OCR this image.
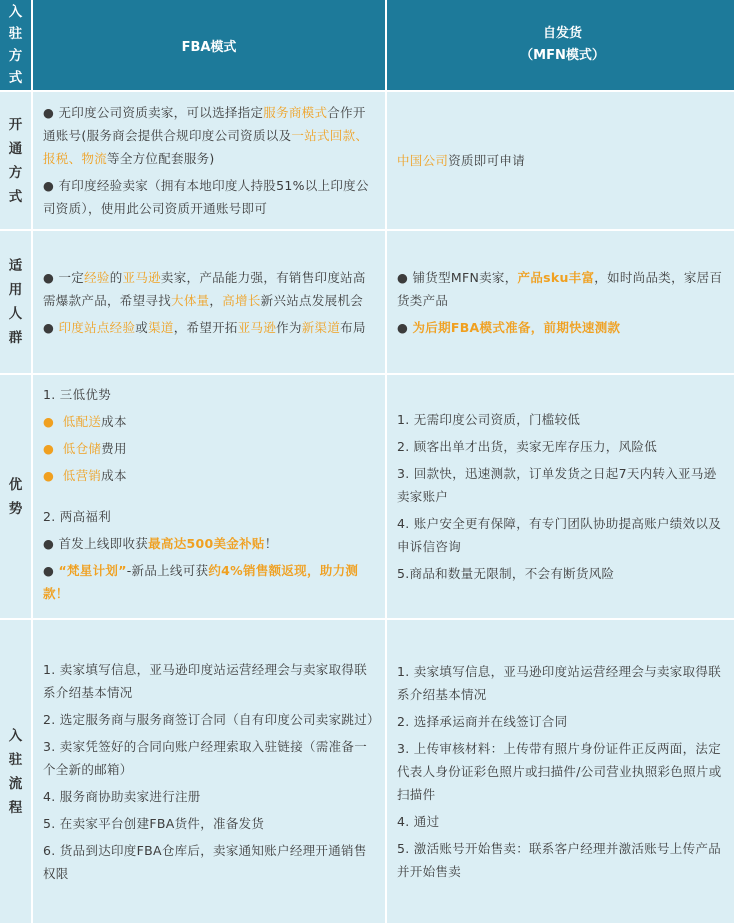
入驻方式
FBA模式
自发货
（MFN模式）
开通方式

● 无印度公司资质卖家，可以选择指定服务商模式合作开通账号(服务商会提供合规印度公司资质以及一站式回款、报税、物流等全方位配套服务)

● 有印度经验卖家（拥有本地印度人持股51%以上印度公司资质），使用此公司资质开通账号即可

中国公司资质即可申请

适用人群

● 一定经验的亚马逊卖家，产品能力强，有销售印度站高需爆款产品，希望寻找大体量，高增长新兴站点发展机会

● 印度站点经验或渠道，希望开拓亚马逊作为新渠道布局

● 铺货型MFN卖家，产品sku丰富，如时尚品类，家居百货类产品

● 为后期FBA模式准备，前期快速测款

优势

1. 三低优势

● 低配送成本

● 低仓储费用

● 低营销成本

2. 两高福利

● 首发上线即收获最高达500美金补贴！

● “梵星计划”-新品上线可获约4%销售额返现，助力测款！

1. 无需印度公司资质，门槛较低

2. 顾客出单才出货，卖家无库存压力，风险低

3. 回款快，迅速测款，订单发货之日起7天内转入亚马逊卖家账户

4. 账户安全更有保障，有专门团队协助提高账户绩效以及申诉信咨询

5.商品和数量无限制，不会有断货风险

入驻流程

1. 卖家填写信息，亚马逊印度站运营经理会与卖家取得联系介绍基本情况

2. 选定服务商与服务商签订合同（自有印度公司卖家跳过）

3. 卖家凭签好的合同向账户经理索取入驻链接（需准备一个全新的邮箱）

4. 服务商协助卖家进行注册

5. 在卖家平台创建FBA货件，准备发货

6. 货品到达印度FBA仓库后，卖家通知账户经理开通销售权限

1. 卖家填写信息，亚马逊印度站运营经理会与卖家取得联系介绍基本情况

2. 选择承运商并在线签订合同

3. 上传审核材料：上传带有照片身份证件正反两面，法定代表人身份证彩色照片或扫描件/公司营业执照彩色照片或扫描件

4. 通过

5. 激活账号开始售卖：联系客户经理并激活账号上传产品并开始售卖
